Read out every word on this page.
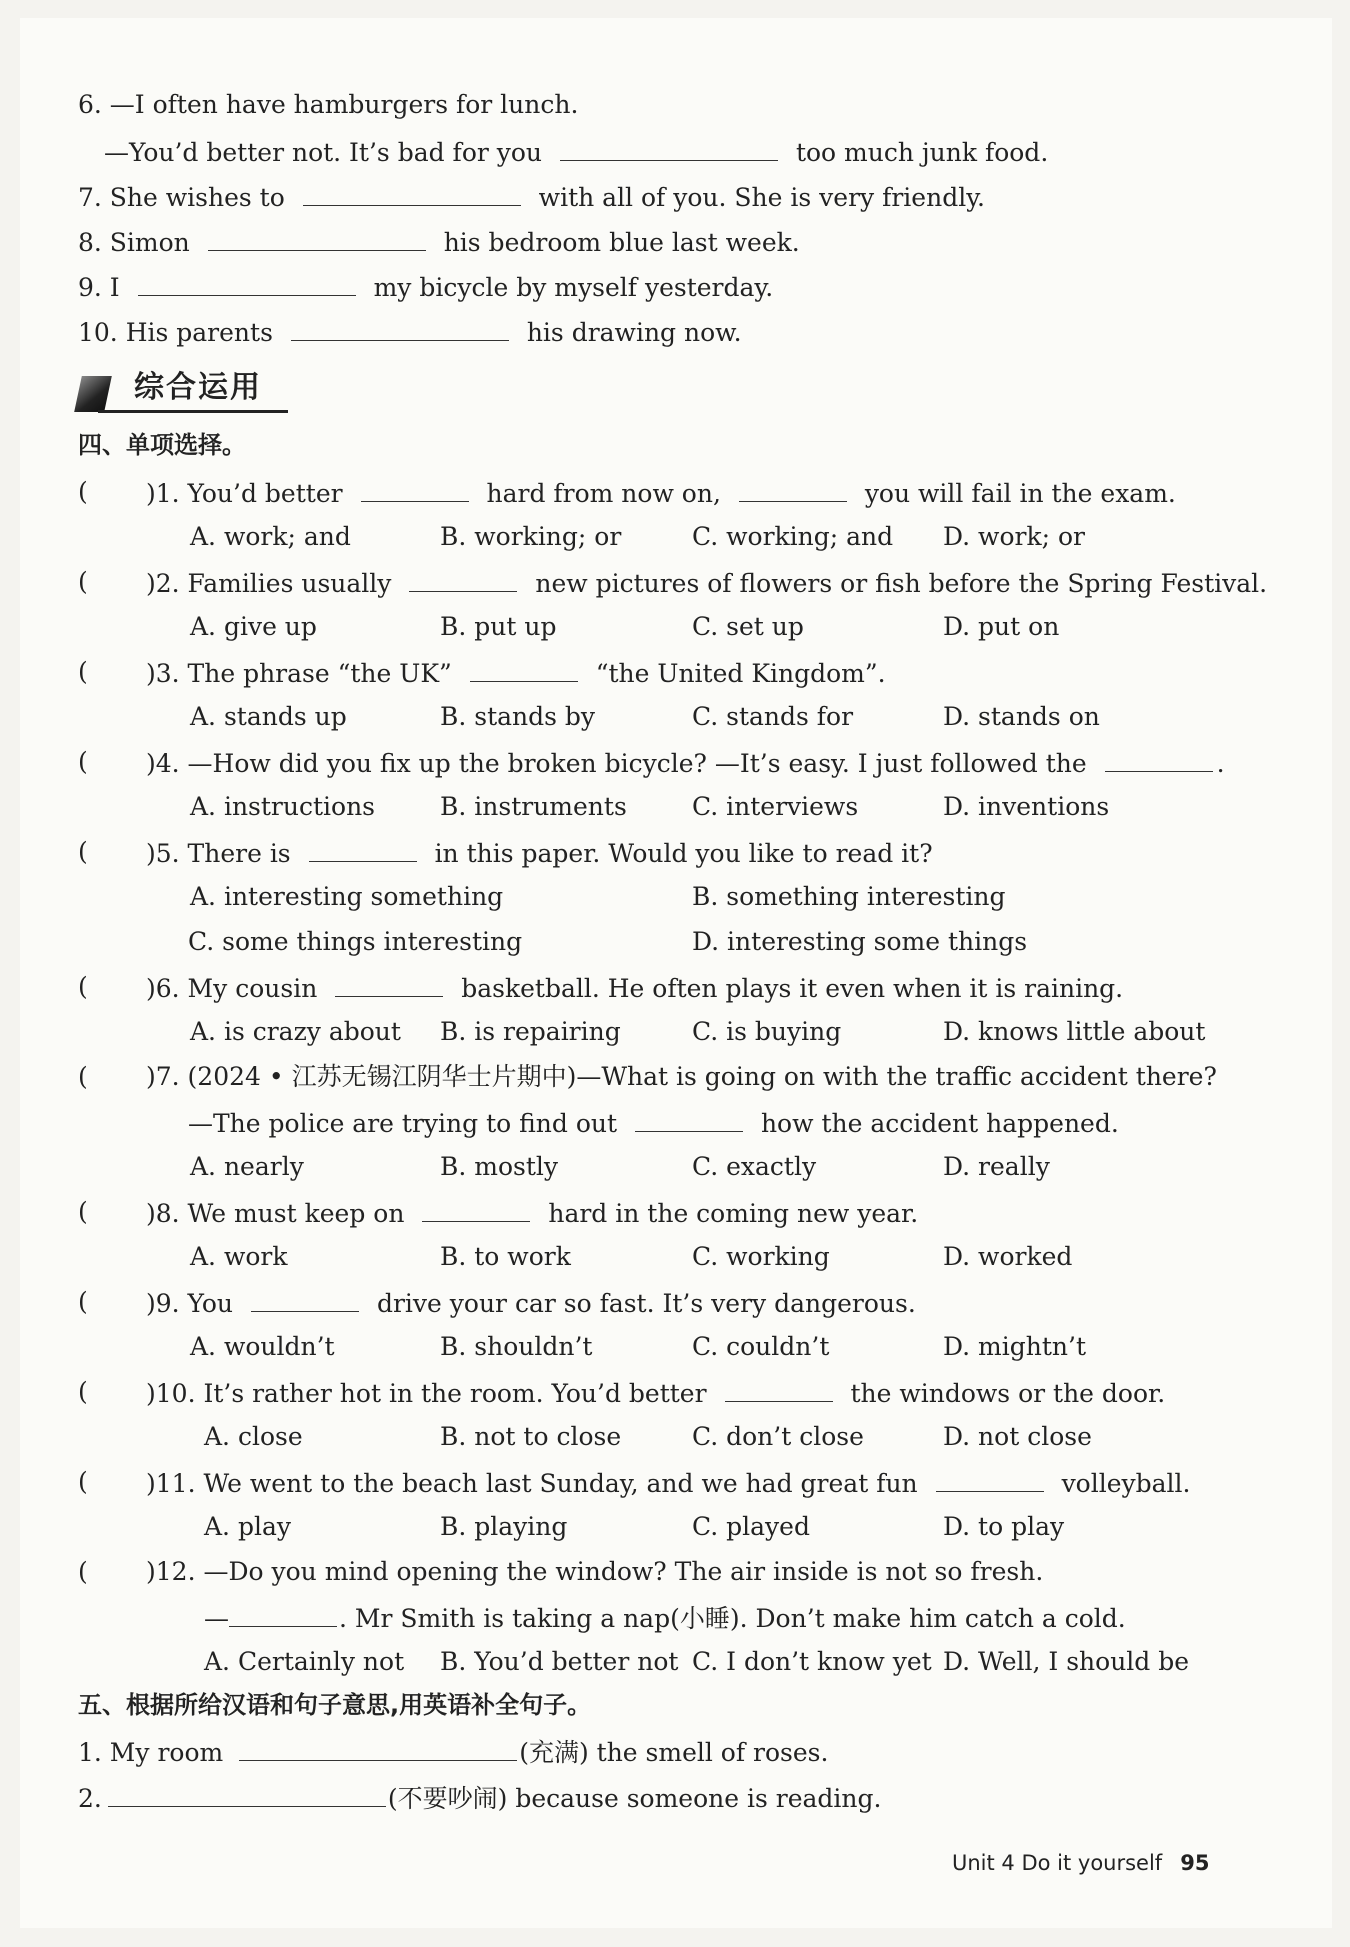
6. —I often have hamburgers for lunch.
—You’d better not. It’s bad for you	too much junk food.
7. She wishes to	with all of you. She is very friendly.
8. Simon	his bedroom blue last week.
9. I	my bicycle by myself yesterday.
10. His parents	his drawing now.
综合运用
四、单项选择。
( )1. You’d better	hard from now on,	you will fail in the exam.
A. work; and	B. working; or	C. working; and D. work; or
( )2. Families usually	new pictures of flowers or fish before the Spring Festival.
A. give up	B. put up	C. set up	D. put on
( )3. The phrase “the UK”	“the United Kingdom”.
A. stands up	B. stands by	C. stands for	D. stands on
( )4. —How did you fix up the broken bicycle? —It’s easy. I just followed the	.
A. instructions	B. instruments	C. interviews	D. inventions
( )5. There is	in this paper. Would you like to read it?
A. interesting something	B. something interesting
C. some things interesting	D. interesting some things
( )6. My cousin	basketball. He often plays it even when it is raining.
A. is crazy about B. is repairing	C. is buying	D. knows little about
( )7. (2024 • 江苏无锡江阴华士片期中)—What is going on with the traffic accident there?
—The police are trying to find out	how the accident happened.
A. nearly	B. mostly	C. exactly	D. really
( )8. We must keep on	hard in the coming new year.
A. work	B. to work	C. working	D. worked
( )9. You	drive your car so fast. It’s very dangerous.
A. wouldn’t	B. shouldn’t	C. couldn’t	D. mightn’t
( )10. It’s rather hot in the room. You’d better	the windows or the door.
A. close	B. not to close	C. don’t close	D. not close
( )11. We went to the beach last Sunday, and we had great fun	volleyball.
A. play	B. playing	C. played	D. to play
( )12. —Do you mind opening the window? The air inside is not so fresh.
—	. Mr Smith is taking a nap(小睡). Don’t make him catch a cold.
A. Certainly not B. You’d better not C. I don’t know yet D. Well, I should be
五、根据所给汉语和句子意思,用英语补全句子。
1. My room	(充满) the smell of roses.
2.	(不要吵闹) because someone is reading.
Unit 4 Do it yourself 95
